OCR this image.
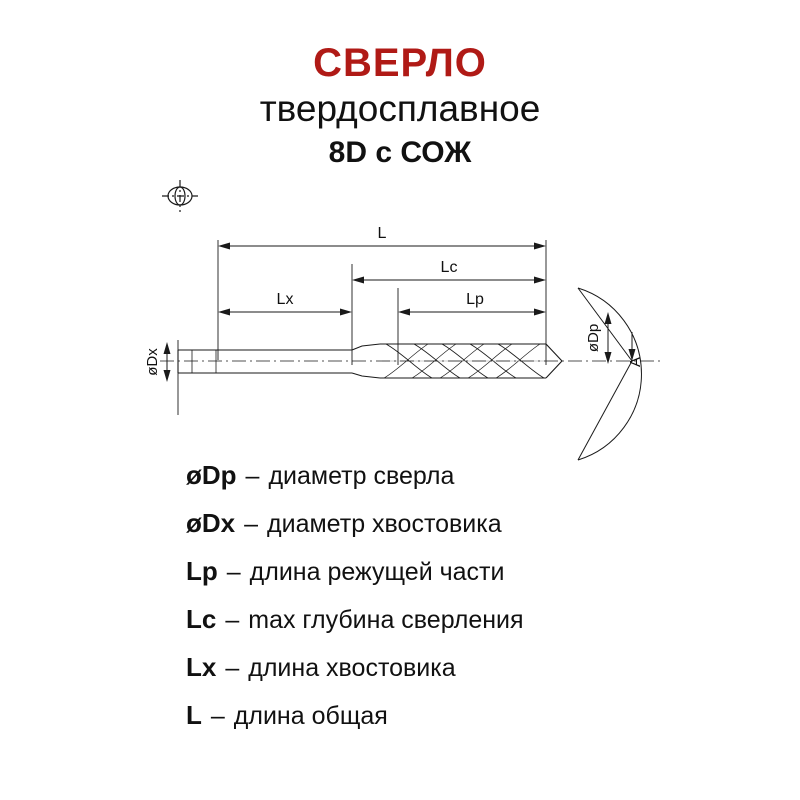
СВЕРЛО
твердосплавное
8D с СОЖ
L
Lc
Lx	Lp
øDx
øDp
A
øDp – диаметр сверла
øDx – диаметр хвостовика
Lp – длина режущей части
Lc – max глубина сверления
Lx – длина хвостовика
L – длина общая
